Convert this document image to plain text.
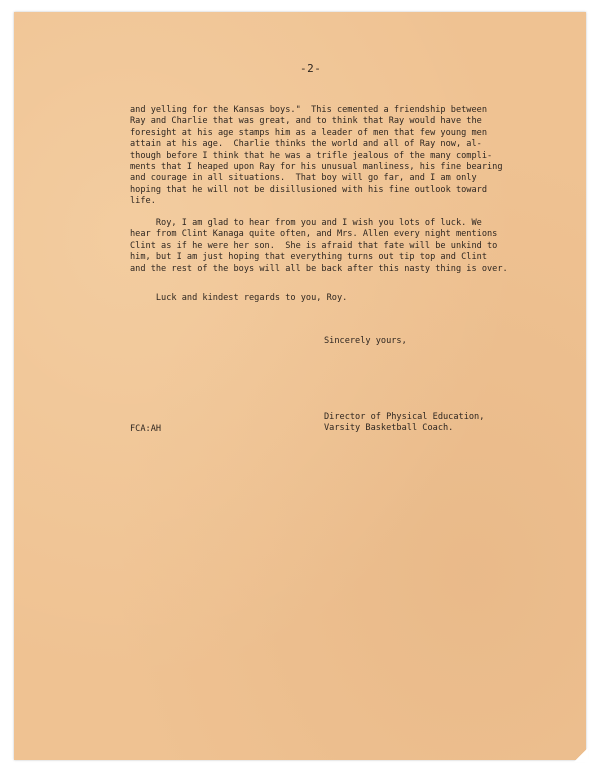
-2-

and yelling for the Kansas boys."  This cemented a friendship between
Ray and Charlie that was great, and to think that Ray would have the
foresight at his age stamps him as a leader of men that few young men
attain at his age.  Charlie thinks the world and all of Ray now, al-
though before I think that he was a trifle jealous of the many compli-
ments that I heaped upon Ray for his unusual manliness, his fine bearing
and courage in all situations.  That boy will go far, and I am only
hoping that he will not be disillusioned with his fine outlook toward
life.

Roy, I am glad to hear from you and I wish you lots of luck. We
hear from Clint Kanaga quite often, and Mrs. Allen every night mentions
Clint as if he were her son.  She is afraid that fate will be unkind to
him, but I am just hoping that everything turns out tip top and Clint
and the rest of the boys will all be back after this nasty thing is over.

Luck and kindest regards to you, Roy.

Sincerely yours,
Director of Physical Education,
Varsity Basketball Coach.
FCA:AH
